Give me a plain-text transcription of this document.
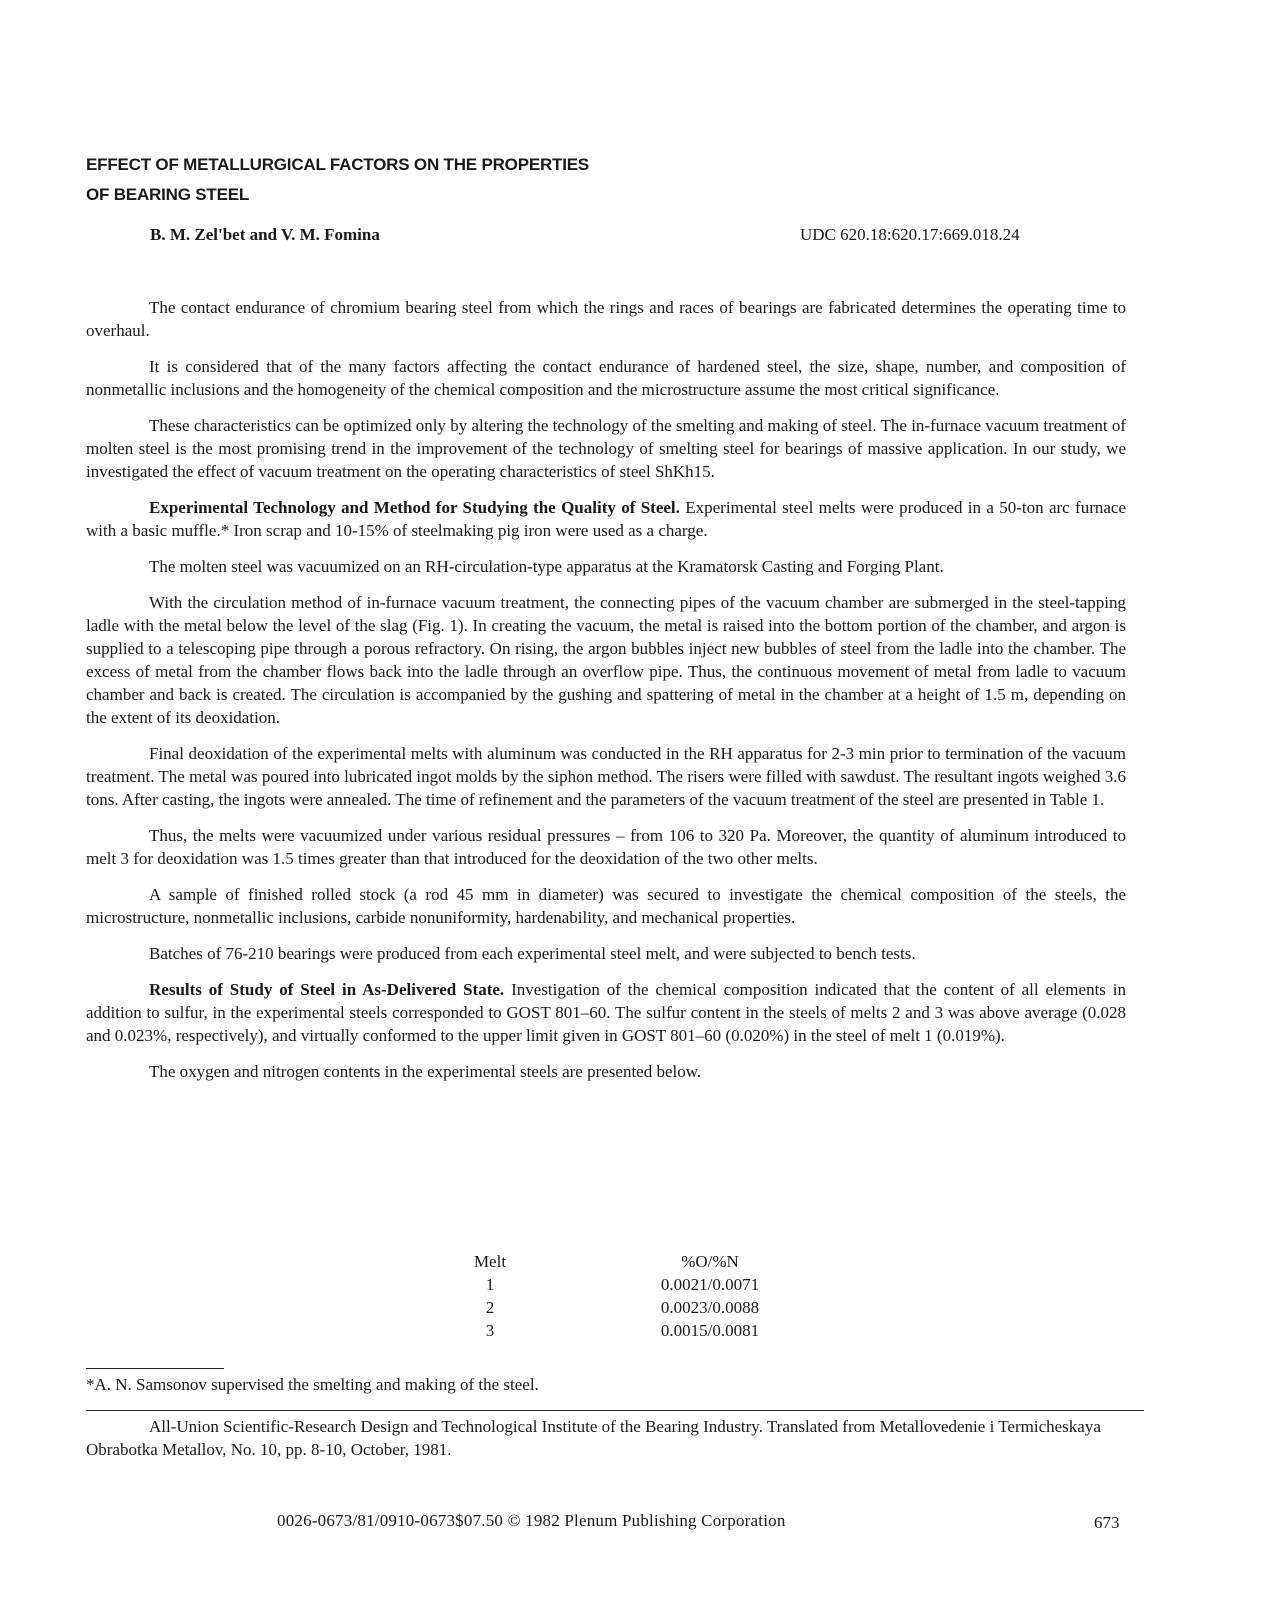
EFFECT OF METALLURGICAL FACTORS ON THE PROPERTIES
OF BEARING STEEL
B. M. Zel'bet and V. M. Fomina	UDC 620.18:620.17:669.018.24

The contact endurance of chromium bearing steel from which the rings and races of bearings are fabricated determines the operating time to overhaul.

It is considered that of the many factors affecting the contact endurance of hardened steel, the size, shape, number, and composition of nonmetallic inclusions and the homogeneity of the chemical composition and the microstructure assume the most critical significance.

These characteristics can be optimized only by altering the technology of the smelting and making of steel. The in-furnace vacuum treatment of molten steel is the most promising trend in the improvement of the technology of smelting steel for bearings of massive application. In our study, we investigated the effect of vacuum treatment on the operating characteristics of steel ShKh15.

Experimental Technology and Method for Studying the Quality of Steel. Experimental steel melts were produced in a 50-ton arc furnace with a basic muffle.* Iron scrap and 10-15% of steelmaking pig iron were used as a charge.

The molten steel was vacuumized on an RH-circulation-type apparatus at the Kramatorsk Casting and Forging Plant.

With the circulation method of in-furnace vacuum treatment, the connecting pipes of the vacuum chamber are submerged in the steel-tapping ladle with the metal below the level of the slag (Fig. 1). In creating the vacuum, the metal is raised into the bottom portion of the chamber, and argon is supplied to a telescoping pipe through a porous refractory. On rising, the argon bubbles inject new bubbles of steel from the ladle into the chamber. The excess of metal from the chamber flows back into the ladle through an overflow pipe. Thus, the continuous movement of metal from ladle to vacuum chamber and back is created. The circulation is accompanied by the gushing and spattering of metal in the chamber at a height of 1.5 m, depending on the extent of its deoxidation.

Final deoxidation of the experimental melts with aluminum was conducted in the RH apparatus for 2-3 min prior to termination of the vacuum treatment. The metal was poured into lubricated ingot molds by the siphon method. The risers were filled with sawdust. The resultant ingots weighed 3.6 tons. After casting, the ingots were annealed. The time of refinement and the parameters of the vacuum treatment of the steel are presented in Table 1.

Thus, the melts were vacuumized under various residual pressures – from 106 to 320 Pa. Moreover, the quantity of aluminum introduced to melt 3 for deoxidation was 1.5 times greater than that introduced for the deoxidation of the two other melts.

A sample of finished rolled stock (a rod 45 mm in diameter) was secured to investigate the chemical composition of the steels, the microstructure, nonmetallic inclusions, carbide nonuniformity, hardenability, and mechanical properties.

Batches of 76-210 bearings were produced from each experimental steel melt, and were subjected to bench tests.

Results of Study of Steel in As-Delivered State. Investigation of the chemical composition indicated that the content of all elements in addition to sulfur, in the experimental steels corresponded to GOST 801–60. The sulfur content in the steels of melts 2 and 3 was above average (0.028 and 0.023%, respectively), and virtually conformed to the upper limit given in GOST 801–60 (0.020%) in the steel of melt 1 (0.019%).

The oxygen and nitrogen contents in the experimental steels are presented below.

Melt	%O/%N
1	0.0021/0.0071
2	0.0023/0.0088
3	0.0015/0.0081
*A. N. Samsonov supervised the smelting and making of the steel.
All-Union Scientific-Research Design and Technological Institute of the Bearing Industry. Translated from Metallovedenie i Termicheskaya Obrabotka Metallov, No. 10, pp. 8-10, October, 1981.
0026-0673/81/0910-0673$07.50 © 1982 Plenum Publishing Corporation	673
